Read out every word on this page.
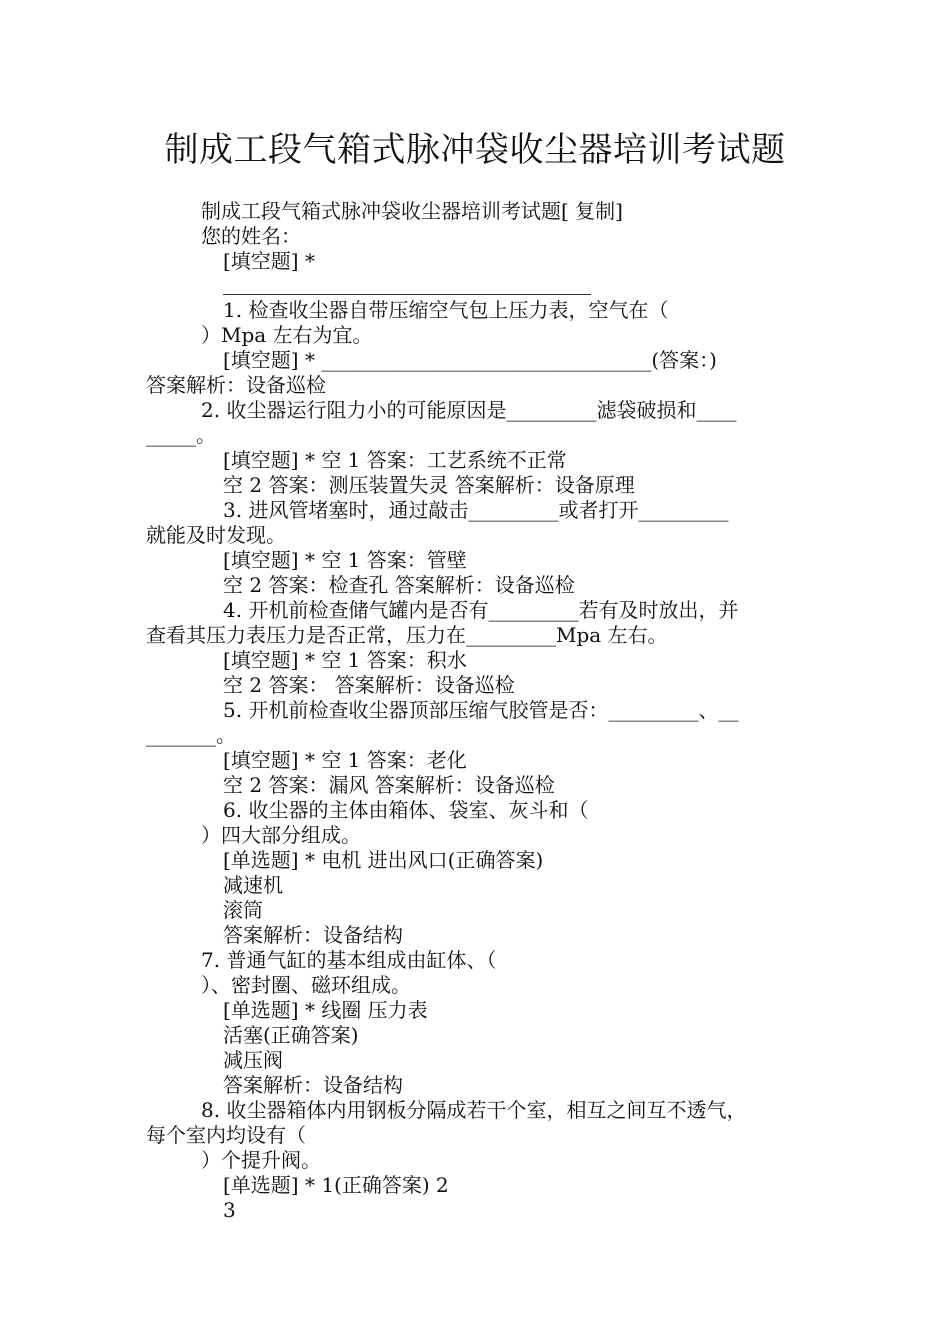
制成工段气箱式脉冲袋收尘器培训考试题
制成工段气箱式脉冲袋收尘器培训考试题[ 复制]
您的姓名：
[填空题] *
1. 检查收尘器自带压缩空气包上压力表，空气在（
）Mpa 左右为宜。
[填空题] * _________________________________(答案：)
答案解析：设备巡检
2. 收尘器运行阻力小的可能原因是_________滤袋破损和____
_____。
[填空题] * 空 1 答案：工艺系统不正常
空 2 答案：测压装置失灵 答案解析：设备原理
3. 进风管堵塞时，通过敲击_________或者打开_________
就能及时发现。
[填空题] * 空 1 答案：管壁
空 2 答案：检查孔 答案解析：设备巡检
4. 开机前检查储气罐内是否有_________若有及时放出，并
查看其压力表压力是否正常，压力在_________Mpa 左右。
[填空题] * 空 1 答案：积水
空 2 答案： 答案解析：设备巡检
5. 开机前检查收尘器顶部压缩气胶管是否：_________、__
_______。
[填空题] * 空 1 答案：老化
空 2 答案：漏风 答案解析：设备巡检
6. 收尘器的主体由箱体、袋室、灰斗和（
）四大部分组成。
[单选题] * 电机 进出风口(正确答案)
减速机
滚筒
答案解析：设备结构
7. 普通气缸的基本组成由缸体、（
）、密封圈、磁环组成。
[单选题] * 线圈 压力表
活塞(正确答案)
减压阀
答案解析：设备结构
8. 收尘器箱体内用钢板分隔成若干个室，相互之间互不透气，
每个室内均设有（
）个提升阀。
[单选题] * 1(正确答案) 2
3
